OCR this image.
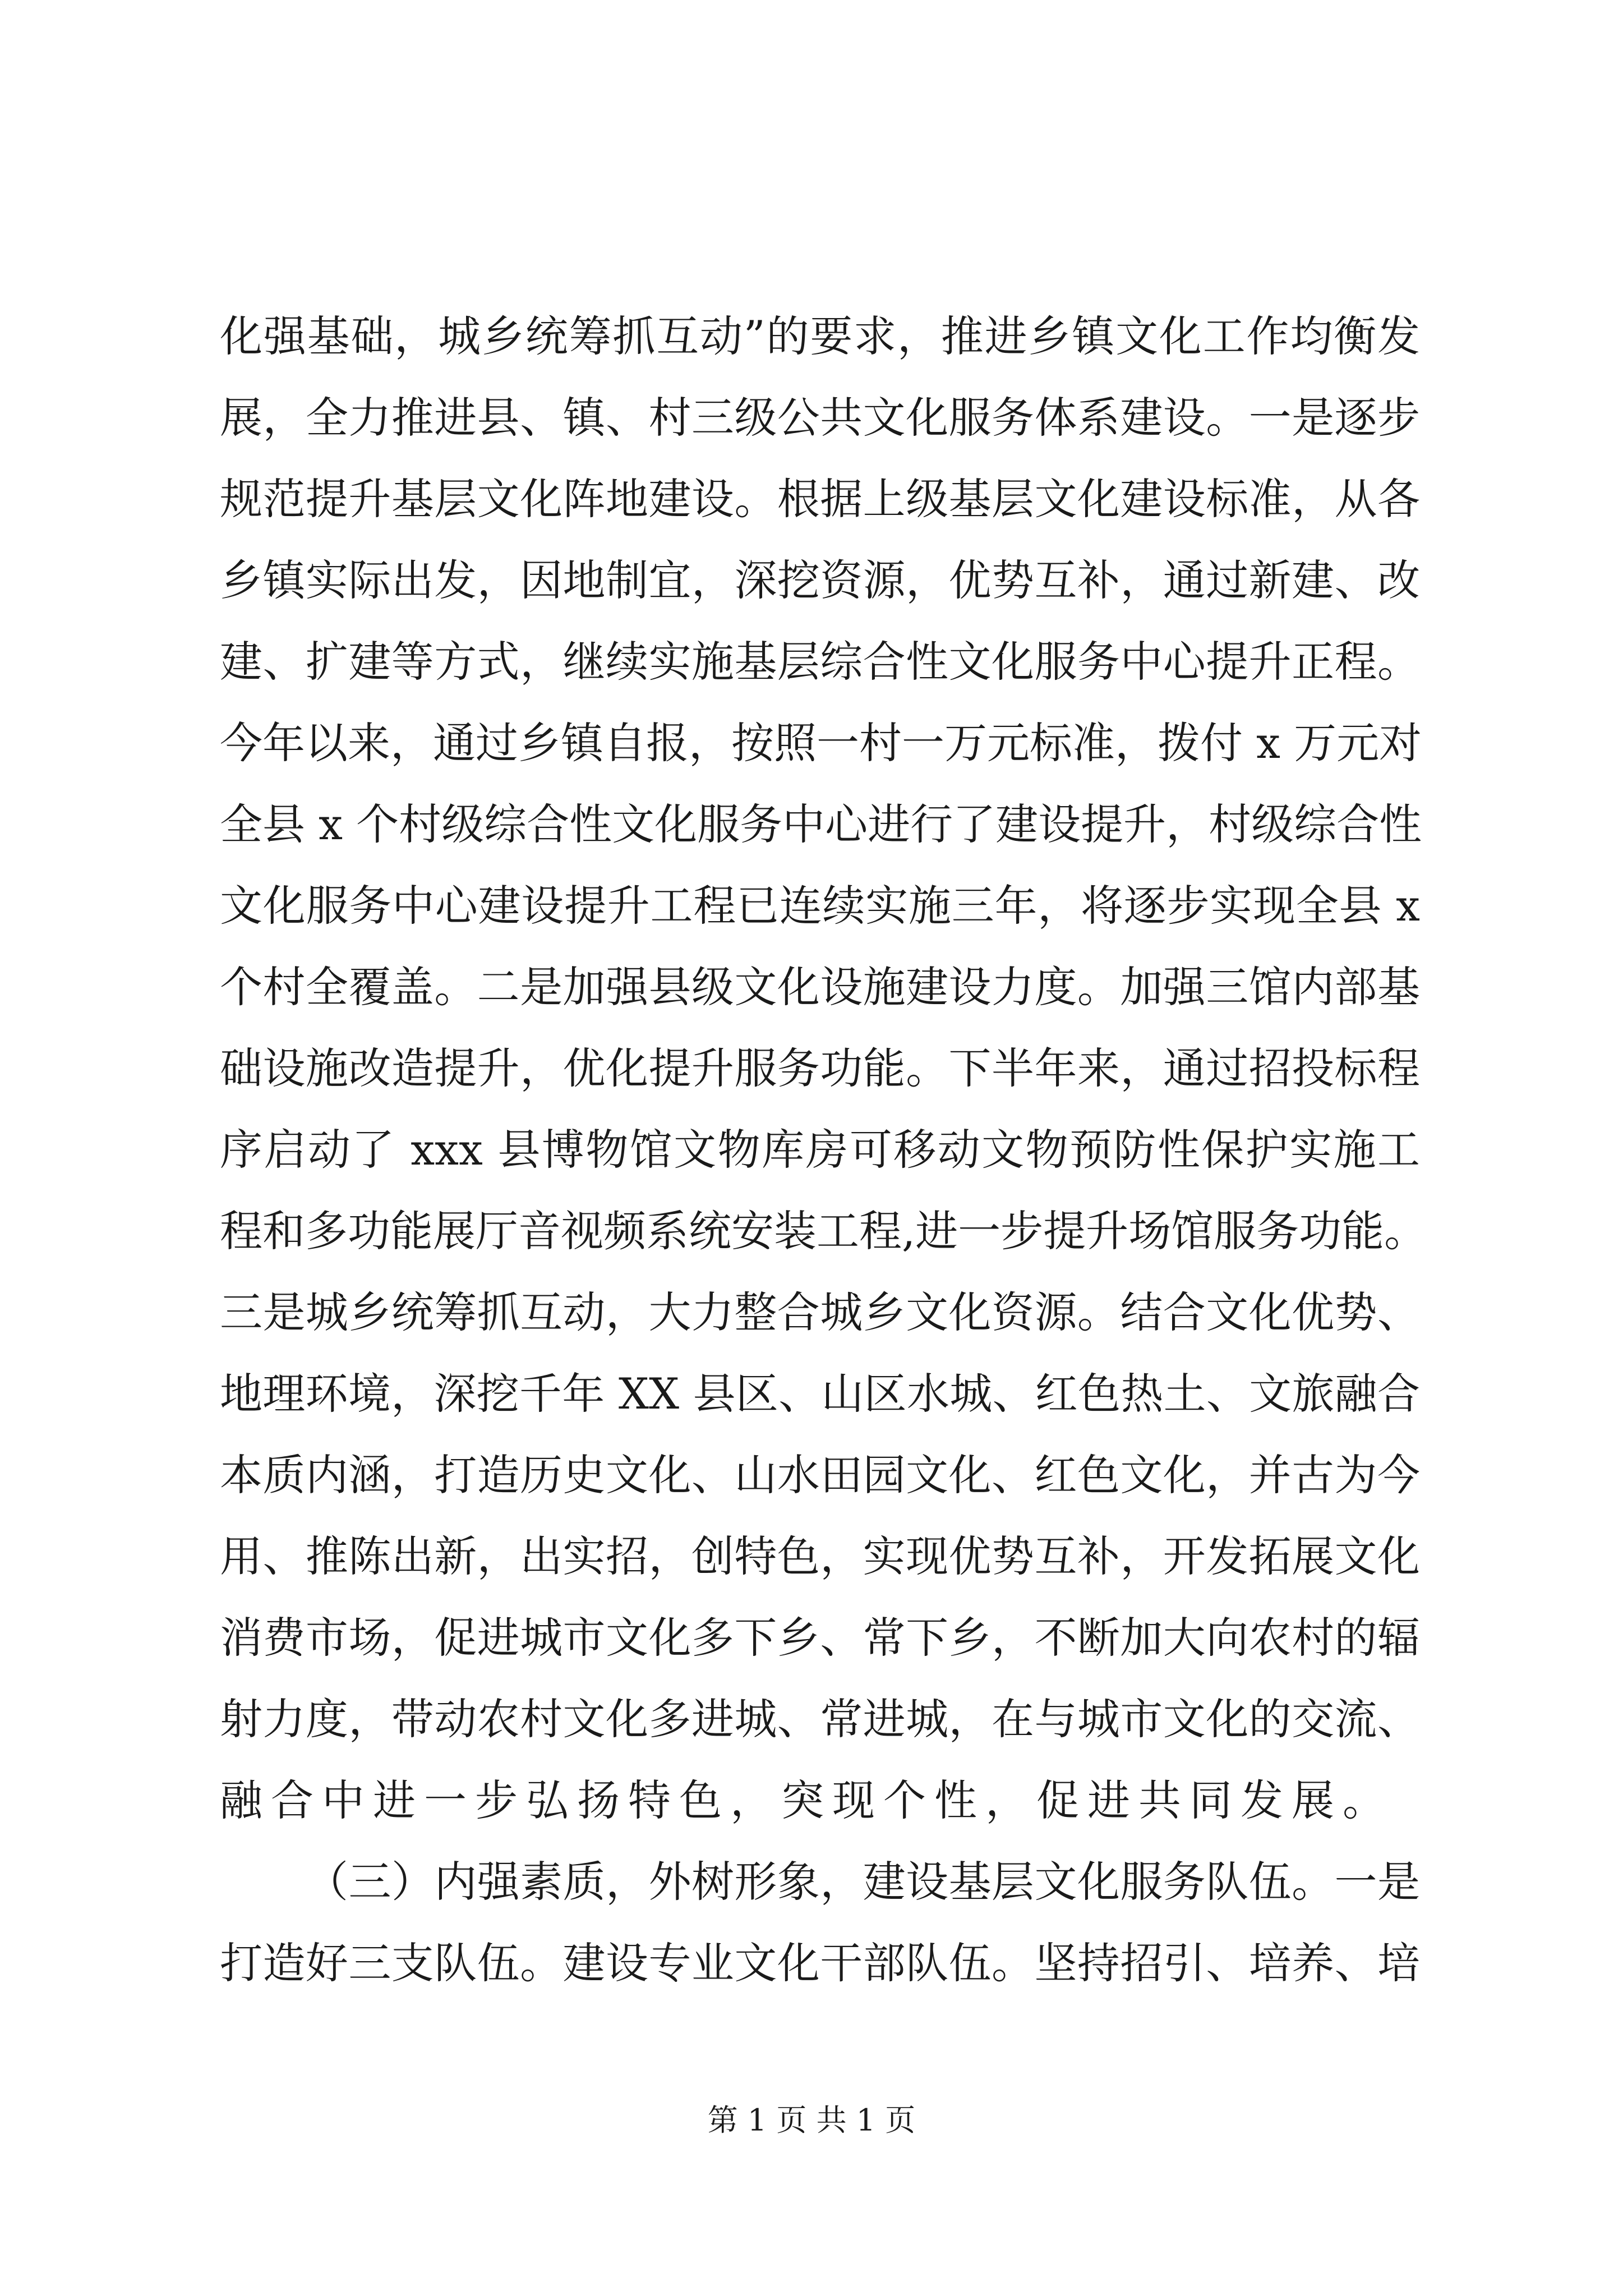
化强基础，城乡统筹抓互动”的要求，推进乡镇文化工作均衡发
展，全力推进县、镇、村三级公共文化服务体系建设。一是逐步
规范提升基层文化阵地建设。根据上级基层文化建设标准，从各
乡镇实际出发，因地制宜，深挖资源，优势互补，通过新建、改
建、扩建等方式，继续实施基层综合性文化服务中心提升正程。
今年以来，通过乡镇自报，按照一村一万元标准，拨付 x 万元对
全县 x 个村级综合性文化服务中心进行了建设提升，村级综合性
文化服务中心建设提升工程已连续实施三年，将逐步实现全县 x
个村全覆盖。二是加强县级文化设施建设力度。加强三馆内部基
础设施改造提升，优化提升服务功能。下半年来，通过招投标程
序启动了 xxx 县博物馆文物库房可移动文物预防性保护实施工
程和多功能展厅音视频系统安装工程,进一步提升场馆服务功能。
三是城乡统筹抓互动，大力整合城乡文化资源。结合文化优势、
地理环境，深挖千年 XX 县区、山区水城、红色热土、文旅融合
本质内涵，打造历史文化、山水田园文化、红色文化，并古为今
用、推陈出新，出实招，创特色，实现优势互补，开发拓展文化
消费市场，促进城市文化多下乡、常下乡，不断加大向农村的辐
射力度，带动农村文化多进城、常进城，在与城市文化的交流、
融合中进一步弘扬特色，突现个性，促进共同发展。
（三）内强素质，外树形象，建设基层文化服务队伍。一是
打造好三支队伍。建设专业文化干部队伍。坚持招引、培养、培
第 1 页 共 1 页
